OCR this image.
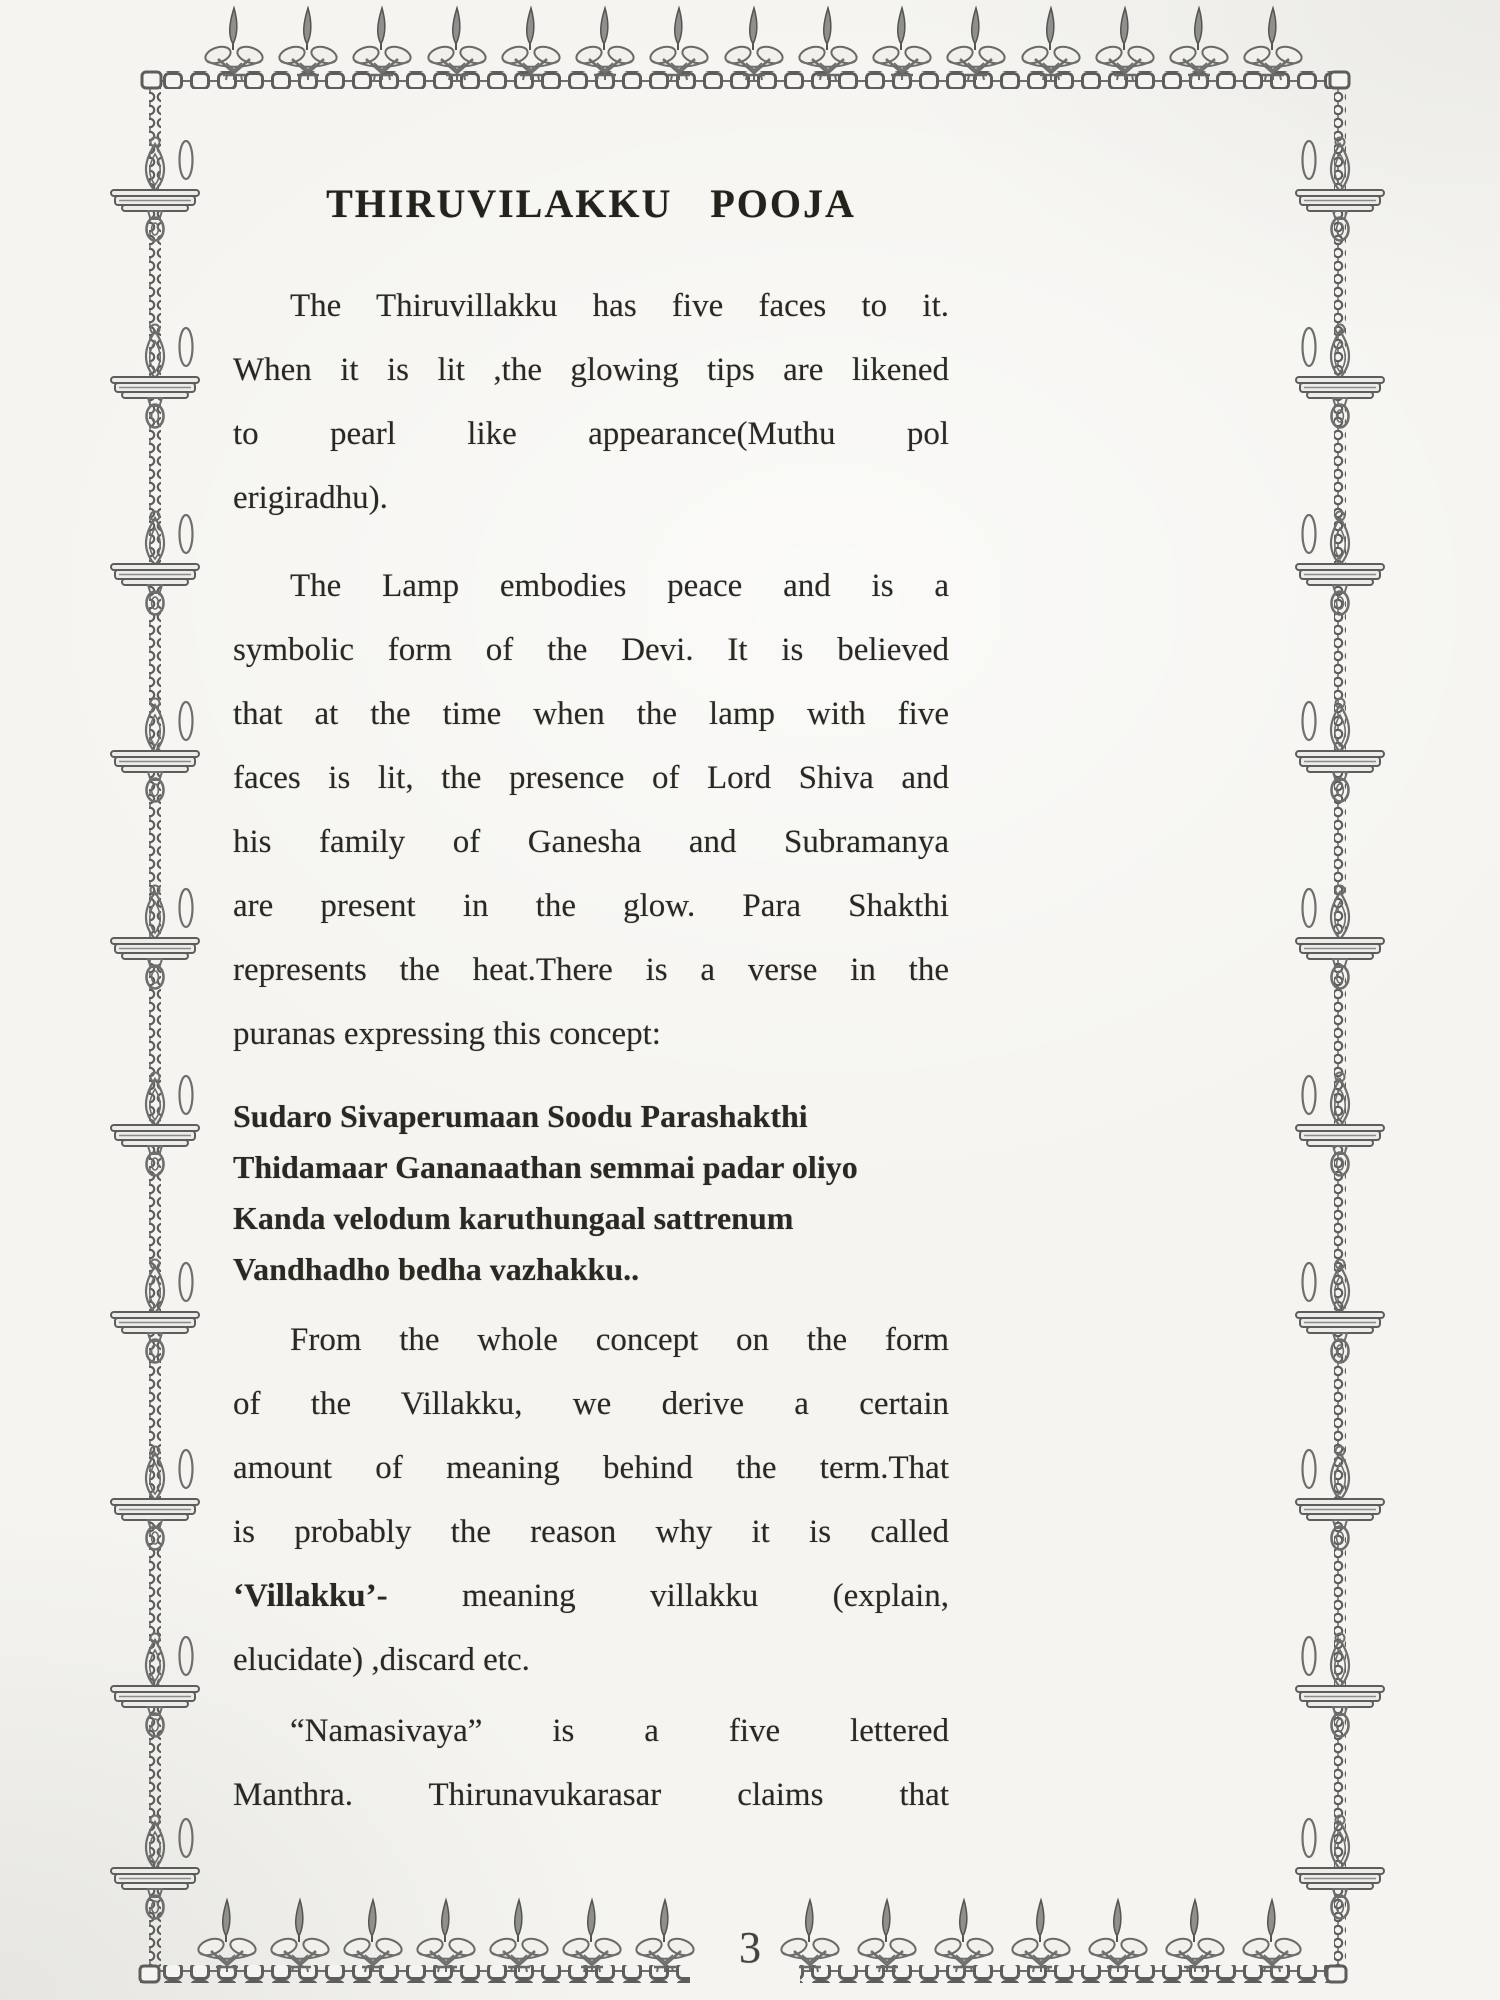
THIRUVILAKKU POOJA
The Thiruvillakku has five faces to it.
When it is lit ,the glowing tips are likened
to pearl like appearance(Muthu pol
erigiradhu).
The Lamp embodies peace and is a
symbolic form of the Devi. It is believed
that at the time when the lamp with five
faces is lit, the presence of Lord Shiva and
his family of Ganesha and Subramanya
are present in the glow. Para Shakthi
represents the heat.There is a verse in the
puranas expressing this concept:
Sudaro Sivaperumaan Soodu Parashakthi
Thidamaar Gananaathan semmai padar oliyo
Kanda velodum karuthungaal sattrenum
Vandhadho bedha vazhakku..
From the whole concept on the form
of the Villakku, we derive a certain
amount of meaning behind the term.That
is probably the reason why it is called
‘Villakku’- meaning villakku (explain,
elucidate) ,discard etc.
“Namasivaya” is a five lettered
Manthra. Thirunavukarasar claims that
3
